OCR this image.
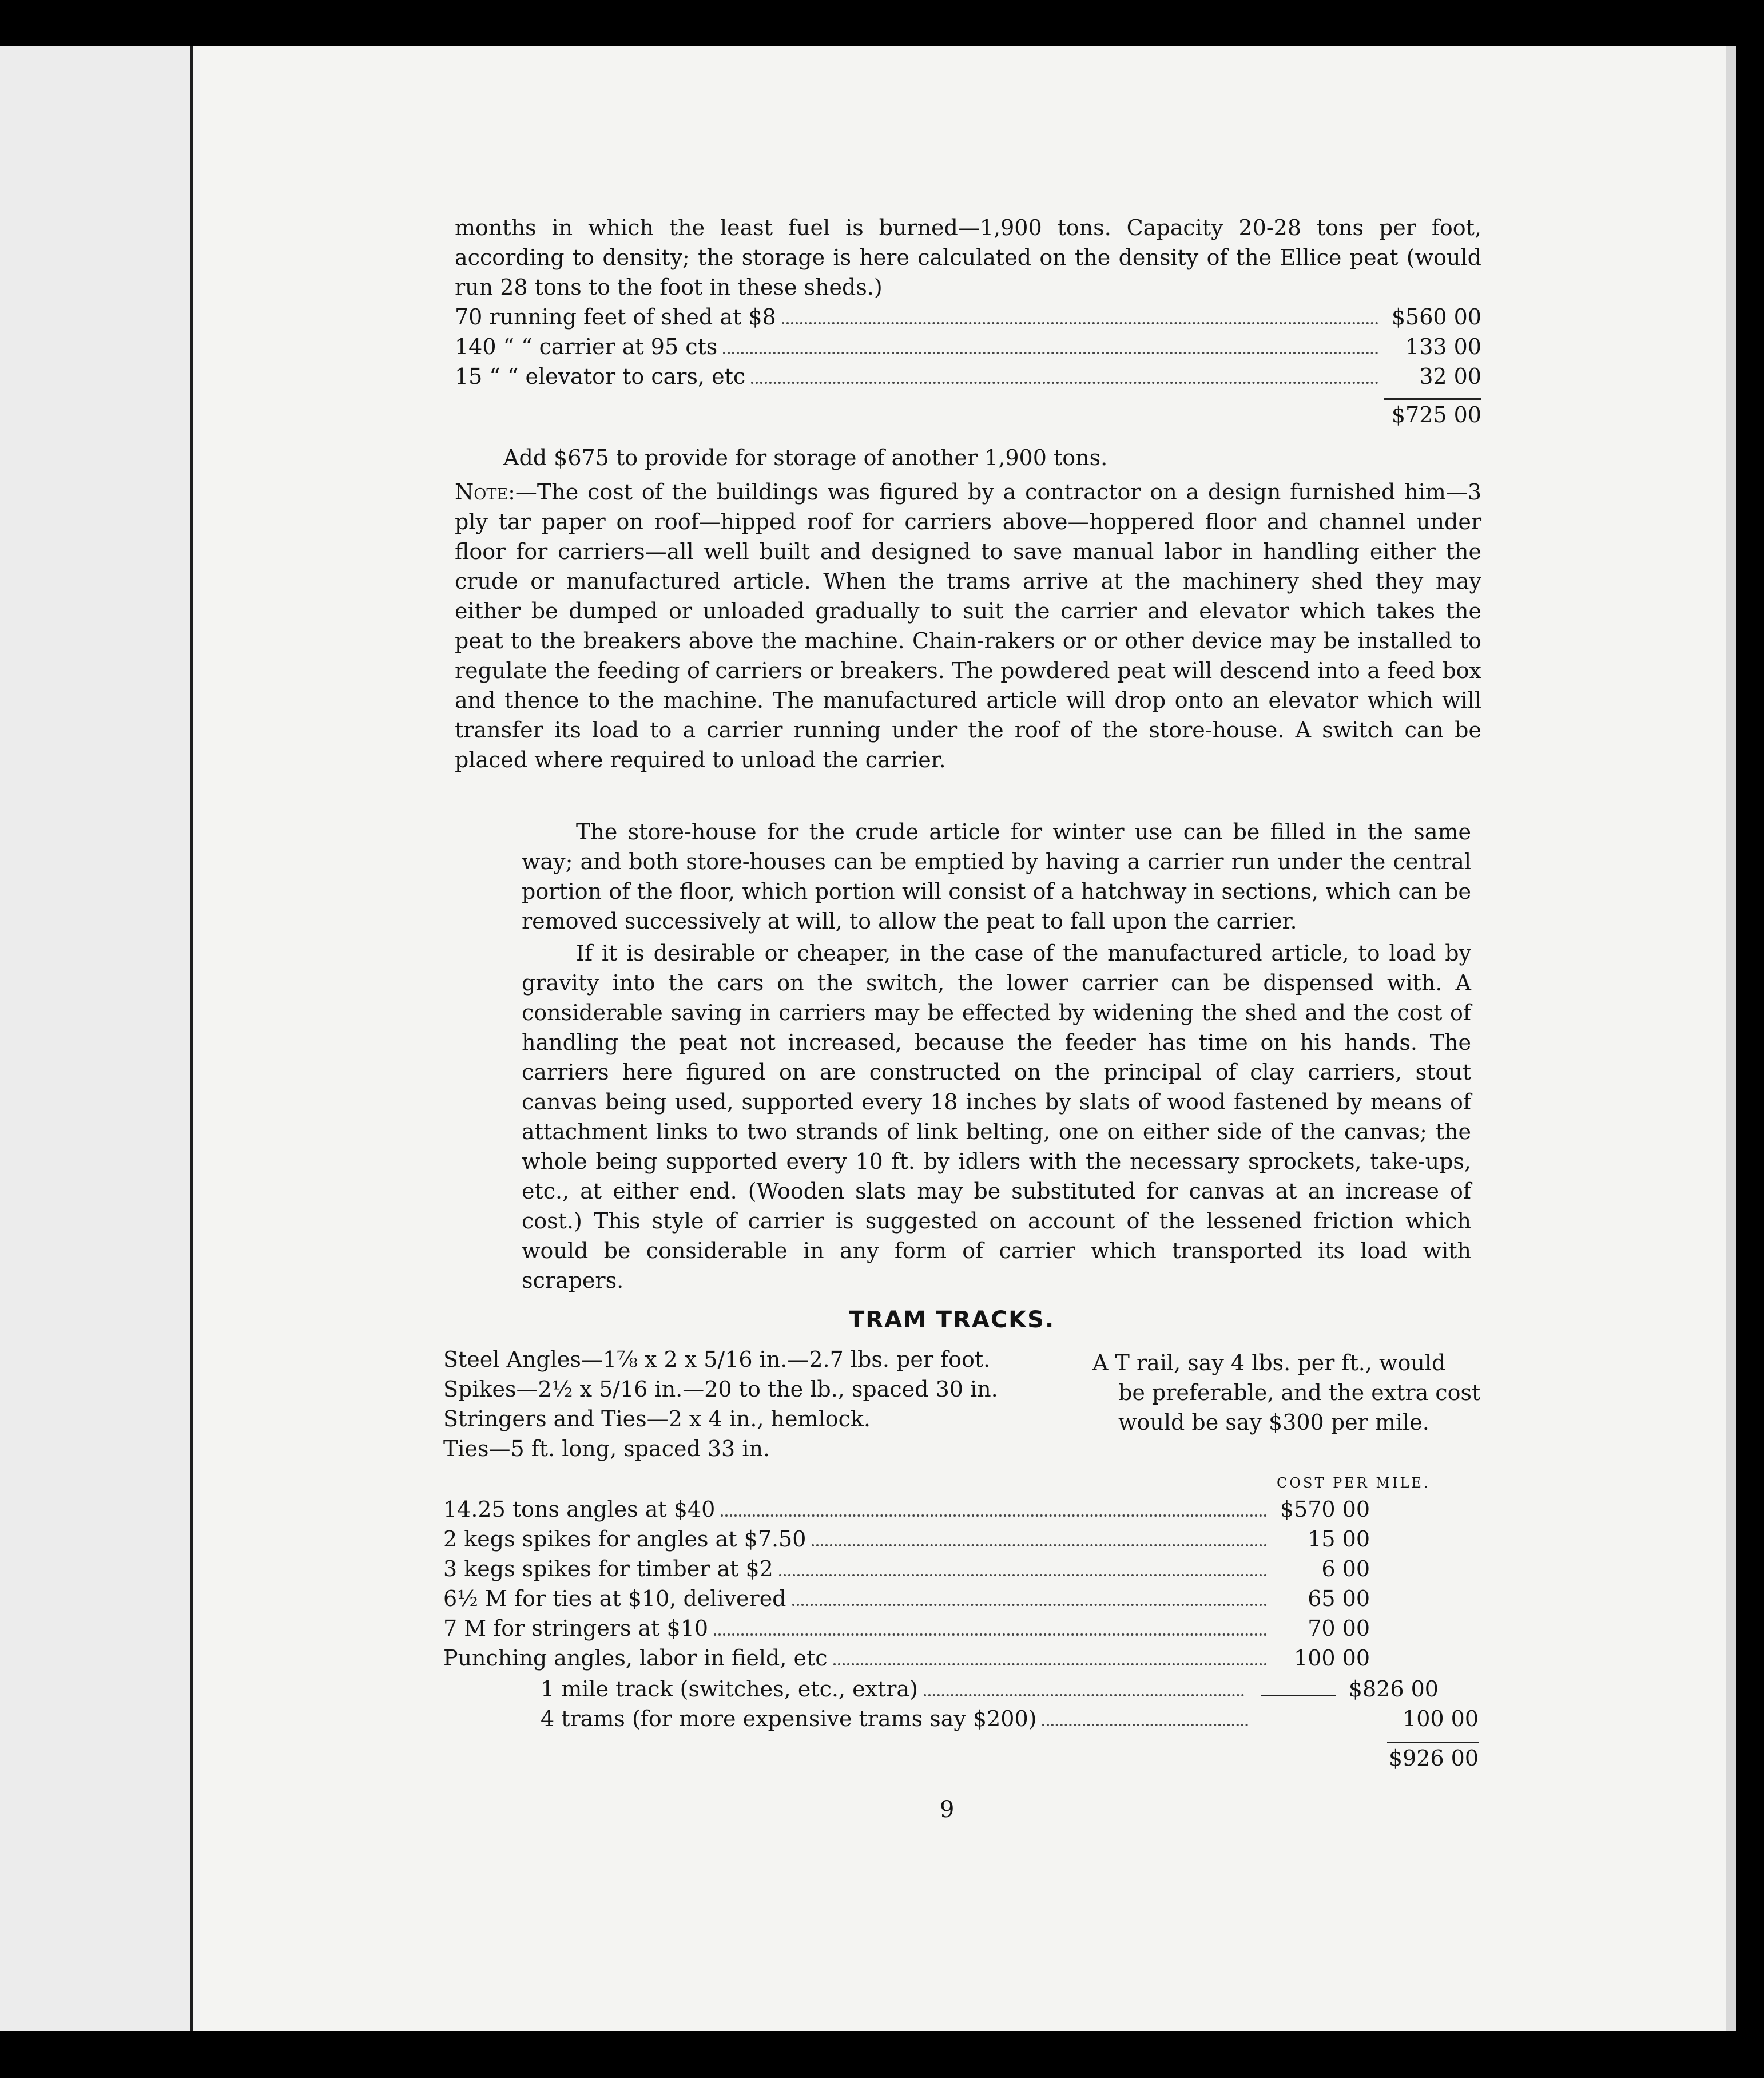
months in which the least fuel is burned—1,900 tons. Capacity 20-28 tons per foot, according to density; the storage is here calculated on the density of the Ellice peat (would run 28 tons to the foot in these sheds.)
70 running feet of shed at $8	$560 00
140 “ “ carrier at 95 cts	133 00
15 “ “ elevator to cars, etc	32 00
$725 00
Add $675 to provide for storage of another 1,900 tons.
Note:—The cost of the buildings was figured by a contractor on a design furnished him—3 ply tar paper on roof—hipped roof for carriers above—hoppered floor and channel under floor for carriers—all well built and designed to save manual labor in handling either the crude or manufactured article. When the trams arrive at the machinery shed they may either be dumped or unloaded gradually to suit the carrier and elevator which takes the peat to the breakers above the machine. Chain-rakers or or other device may be installed to regulate the feeding of carriers or breakers. The powdered peat will descend into a feed box and thence to the machine. The manufactured article will drop onto an elevator which will transfer its load to a carrier running under the roof of the store-house. A switch can be placed where required to unload the carrier.
The store-house for the crude article for winter use can be filled in the same way; and both store-houses can be emptied by having a carrier run under the central portion of the floor, which portion will consist of a hatchway in sections, which can be removed successively at will, to allow the peat to fall upon the carrier.
If it is desirable or cheaper, in the case of the manufactured article, to load by gravity into the cars on the switch, the lower carrier can be dispensed with. A considerable saving in carriers may be effected by widening the shed and the cost of handling the peat not increased, because the feeder has time on his hands. The carriers here figured on are constructed on the principal of clay carriers, stout canvas being used, supported every 18 inches by slats of wood fastened by means of attachment links to two strands of link belting, one on either side of the canvas; the whole being supported every 10 ft. by idlers with the necessary sprockets, take-ups, etc., at either end. (Wooden slats may be substituted for canvas at an increase of cost.) This style of carrier is suggested on account of the lessened friction which would be considerable in any form of carrier which transported its load with scrapers.
TRAM TRACKS.
Steel Angles—1⅞ x 2 x 5/16 in.—2.7 lbs. per foot.
Spikes—2½ x 5/16 in.—20 to the lb., spaced 30 in.
Stringers and Ties—2 x 4 in., hemlock.
Ties—5 ft. long, spaced 33 in.
A T rail, say 4 lbs. per ft., would
be preferable, and the extra cost
would be say $300 per mile.
COST PER MILE.
14.25 tons angles at $40	$570 00
2 kegs spikes for angles at $7.50	15 00
3 kegs spikes for timber at $2	6 00
6½ M for ties at $10, delivered	65 00
7 M for stringers at $10	70 00
Punching angles, labor in field, etc	100 00
1 mile track (switches, etc., extra)	$826 00
4 trams (for more expensive trams say $200)	100 00
$926 00
9
